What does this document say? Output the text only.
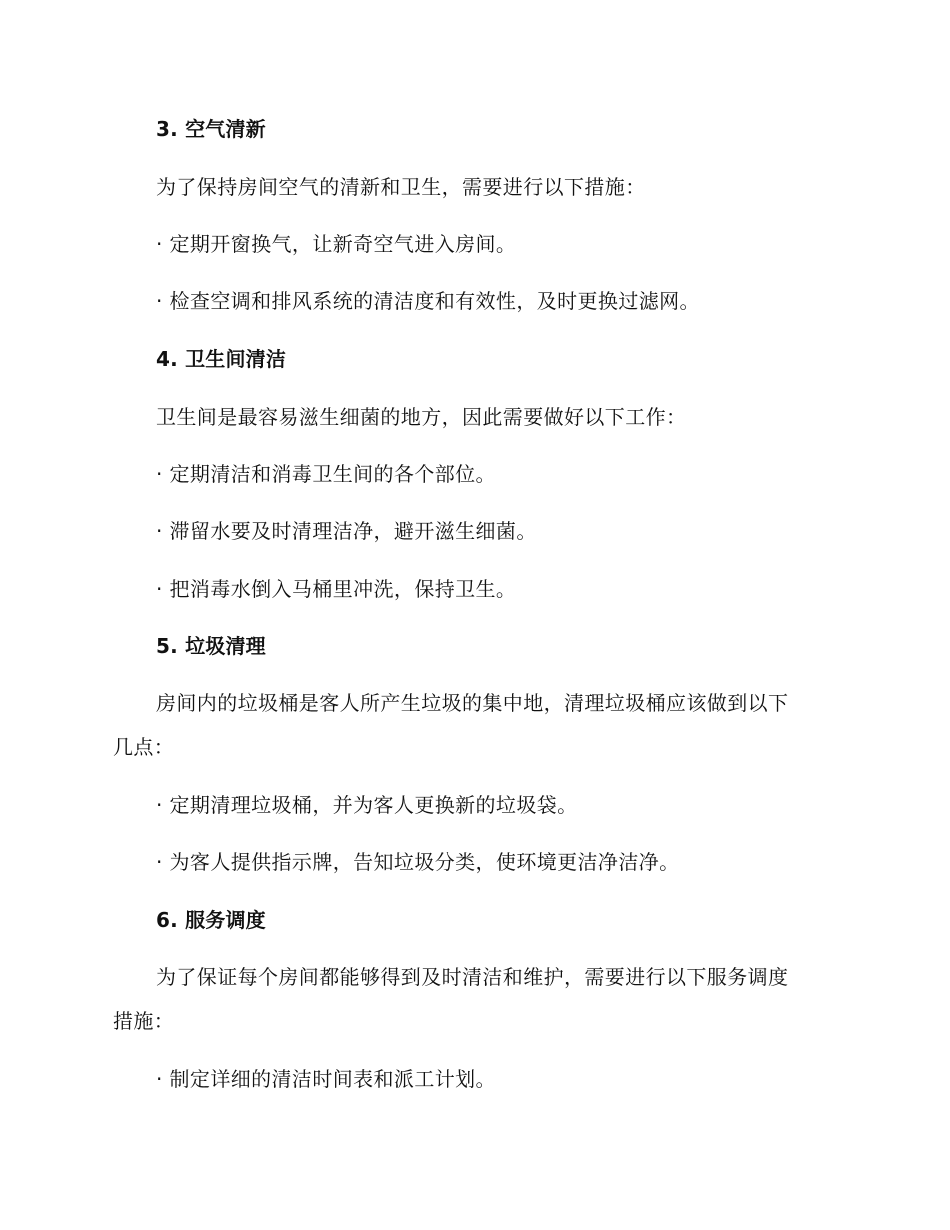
3. 空气清新
为了保持房间空气的清新和卫生，需要进行以下措施：
· 定期开窗换气，让新奇空气进入房间。
· 检查空调和排风系统的清洁度和有效性，及时更换过滤网。
4. 卫生间清洁
卫生间是最容易滋生细菌的地方，因此需要做好以下工作：
· 定期清洁和消毒卫生间的各个部位。
· 滞留水要及时清理洁净，避开滋生细菌。
· 把消毒水倒入马桶里冲洗，保持卫生。
5. 垃圾清理
房间内的垃圾桶是客人所产生垃圾的集中地，清理垃圾桶应该做到以下
几点：
· 定期清理垃圾桶，并为客人更换新的垃圾袋。
· 为客人提供指示牌，告知垃圾分类，使环境更洁净洁净。
6. 服务调度
为了保证每个房间都能够得到及时清洁和维护，需要进行以下服务调度
措施：
· 制定详细的清洁时间表和派工计划。
